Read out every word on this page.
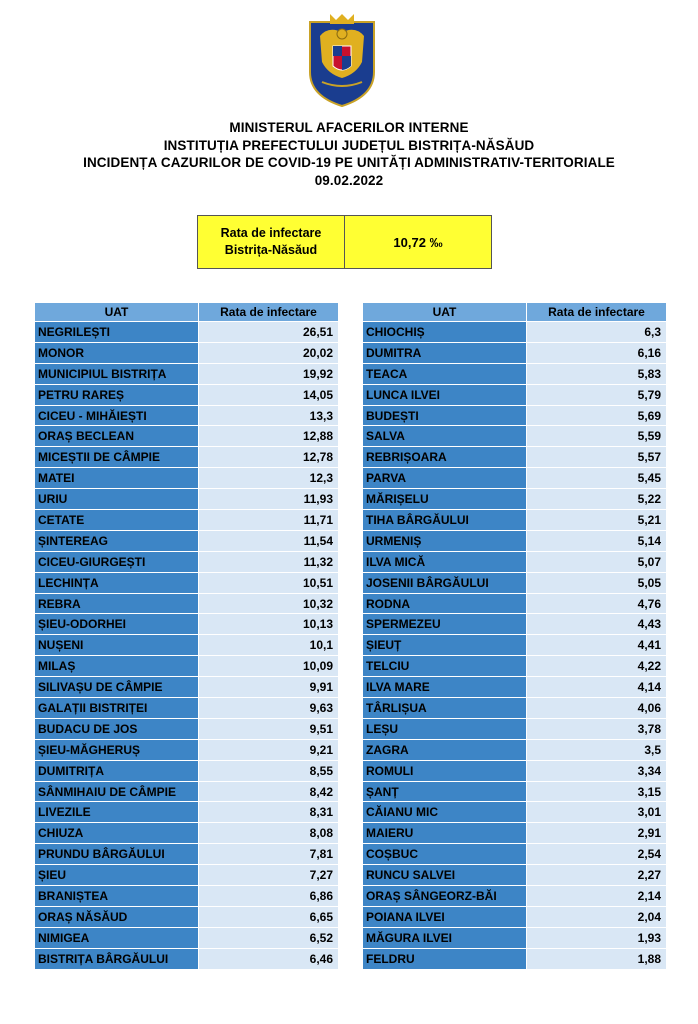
MINISTERUL AFACERILOR INTERNE
INSTITUȚIA PREFECTULUI JUDEȚUL BISTRIȚA-NĂSĂUD
INCIDENȚA CAZURILOR DE COVID-19 PE UNITĂȚI ADMINISTRATIV-TERITORIALE
09.02.2022
Rata de infectare
Bistrița-Năsăud
10,72 ‰
UAT	Rata de infectare
NEGRILEȘTI	26,51
MONOR	20,02
MUNICIPIUL BISTRIȚA	19,92
PETRU RAREȘ	14,05
CICEU - MIHĂIEȘTI	13,3
ORAȘ BECLEAN	12,88
MICEȘTII DE CÂMPIE	12,78
MATEI	12,3
URIU	11,93
CETATE	11,71
ȘINTEREAG	11,54
CICEU-GIURGEȘTI	11,32
LECHINȚA	10,51
REBRA	10,32
ȘIEU-ODORHEI	10,13
NUȘENI	10,1
MILAȘ	10,09
SILIVAȘU DE CÂMPIE	9,91
GALAȚII BISTRIȚEI	9,63
BUDACU DE JOS	9,51
ȘIEU-MĂGHERUȘ	9,21
DUMITRIȚA	8,55
SÂNMIHAIU DE CÂMPIE	8,42
LIVEZILE	8,31
CHIUZA	8,08
PRUNDU BÂRGĂULUI	7,81
ȘIEU	7,27
BRANIȘTEA	6,86
ORAȘ NĂSĂUD	6,65
NIMIGEA	6,52
BISTRIȚA BÂRGĂULUI	6,46
UAT	Rata de infectare
CHIOCHIȘ	6,3
DUMITRA	6,16
TEACA	5,83
LUNCA ILVEI	5,79
BUDEȘTI	5,69
SALVA	5,59
REBRIȘOARA	5,57
PARVA	5,45
MĂRIȘELU	5,22
TIHA BÂRGĂULUI	5,21
URMENIȘ	5,14
ILVA MICĂ	5,07
JOSENII BÂRGĂULUI	5,05
RODNA	4,76
SPERMEZEU	4,43
ȘIEUȚ	4,41
TELCIU	4,22
ILVA MARE	4,14
TÂRLIȘUA	4,06
LEȘU	3,78
ZAGRA	3,5
ROMULI	3,34
ȘANȚ	3,15
CĂIANU MIC	3,01
MAIERU	2,91
COȘBUC	2,54
RUNCU SALVEI	2,27
ORAȘ SÂNGEORZ-BĂI	2,14
POIANA ILVEI	2,04
MĂGURA ILVEI	1,93
FELDRU	1,88
